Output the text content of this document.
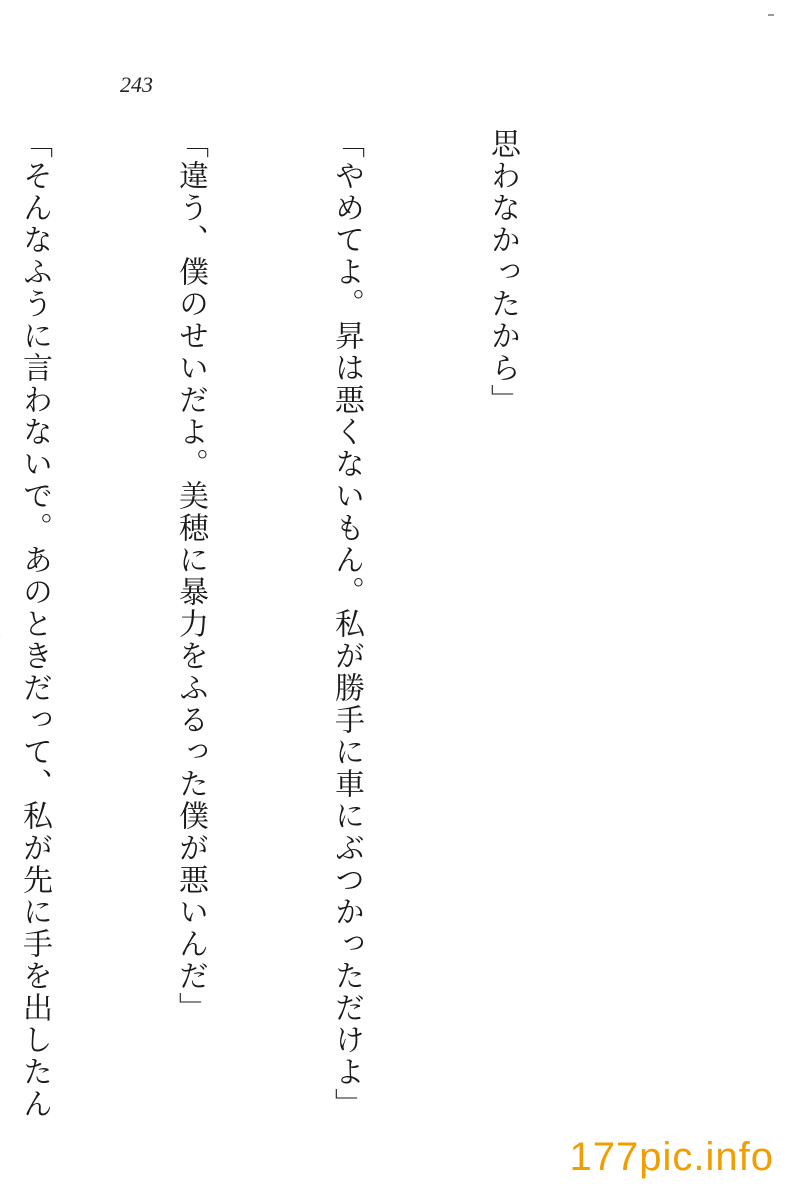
243

思わなかったから」

「やめてよ。昇は悪くないもん。私が勝手に車にぶつかっただけよ」

「違う、僕のせいだよ。美穂に暴力をふるった僕が悪いんだ」

「そんなふうに言わないで。あのときだって、私が先に手を出したん

177pic.info
